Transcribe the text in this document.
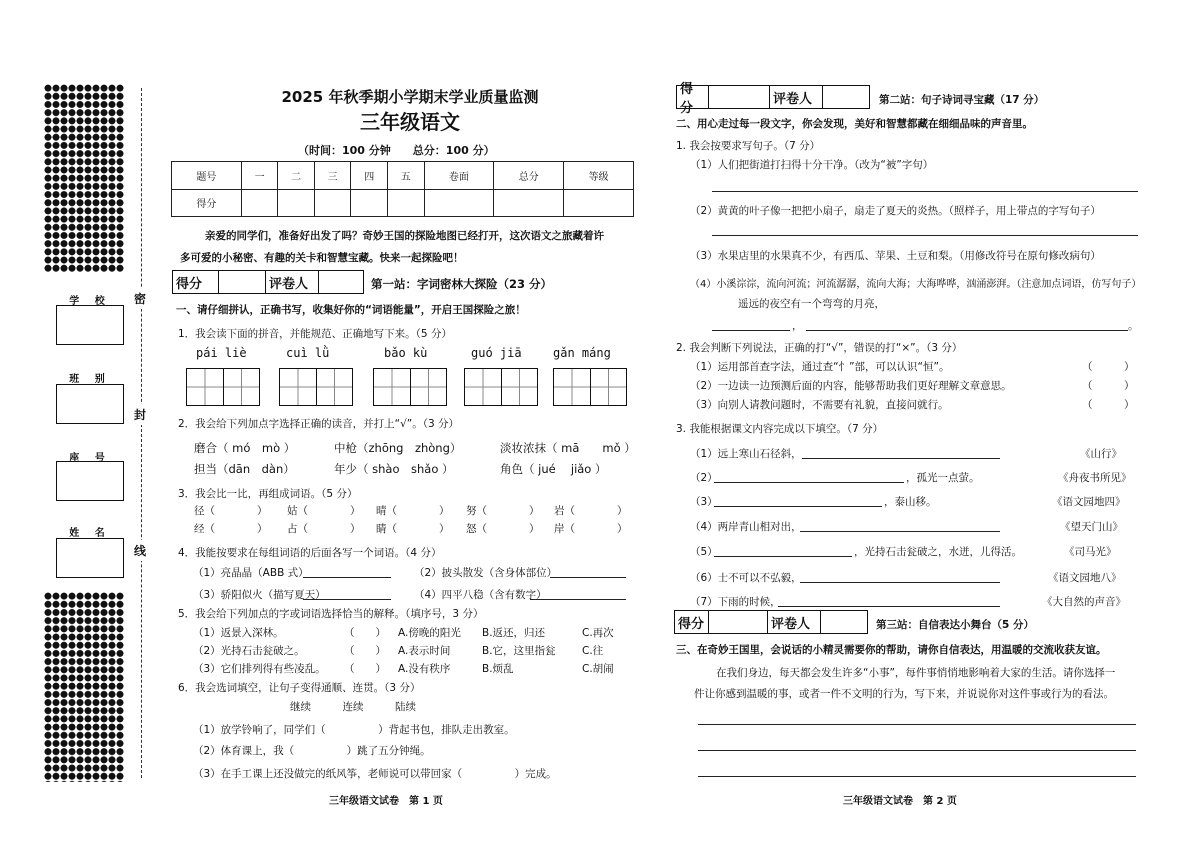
密
封
线
学 校
班 别
座 号
姓 名
2025 年秋季期小学期末学业质量监测
三年级语文
（时间：100 分钟　　总分：100 分）
题号	一	二	三	四	五	卷面	总分	等级
得分								
亲爱的同学们，准备好出发了吗？奇妙王国的探险地图已经打开，这次语文之旅藏着许
多可爱的小秘密、有趣的关卡和智慧宝藏。快来一起探险吧！
得分	评卷人	第一站：字词密林大探险（23 分）
一、请仔细拼认，正确书写，收集好你的“词语能量”，开启王国探险之旅！
1．我会读下面的拼音，并能规范、正确地写下来。（5 分）
pái liè	cuì lǜ	bǎo kù	guó jiā	gǎn máng
2．我会给下列加点字选择正确的读音，并打上“√”。（3 分）
磨合（ mó　mò ）	中枪（zhōng　zhòng）	淡妆浓抹（ mā　　mǒ ）
担当（dān　dàn）	年少（ shào　shǎo ）	角色（ jué　 jiǎo ）
3．我会比一比，再组成词语。（5 分）
径（　　　　） 姑（　　　　） 晴（　　　　） 努（　　　　） 岩（　　　　）
经（　　　　） 占（　　　　） 睛（　　　　） 怒（　　　　） 岸（　　　　）
4．我能按要求在每组词语的后面各写一个词语。（4 分）
（1）亮晶晶（ABB 式）	（2）披头散发（含身体部位）
（3）骄阳似火（描写夏天）	（4）四平八稳（含有数字）
5．我会给下列加点的字或词语选择恰当的解释。（填序号，3 分）
（1）返景入深林。	（　　） A.傍晚的阳光 B.返还，归还	C.再次
（2）光持石击瓮破之。	（　　） A.表示时间	B.它，这里指瓮	C.往
（3）它们排列得有些凌乱。 （　　） A.没有秩序	B.烦乱	C.胡闹
6．我会选词填空，让句子变得通顺、连贯。（3 分）
继续　　　连续　　　陆续
（1）放学铃响了，同学们（　　　　　）背起书包，排队走出教室。
（2）体育课上，我（　　　　　）跳了五分钟绳。
（3）在手工课上还没做完的纸风筝，老师说可以带回家（　　　　　）完成。
三年级语文试卷　第 1 页
得分
评卷人	第二站：句子诗词寻宝藏（17 分）
二、用心走过每一段文字，你会发现，美好和智慧都藏在细细品味的声音里。
1. 我会按要求写句子。（7 分）
（1）人们把街道打扫得十分干净。（改为“被”字句）
（2）黄黄的叶子像一把把小扇子，扇走了夏天的炎热。（照样子，用上带点的字写句子）
（3）水果店里的水果真不少，有西瓜、苹果、土豆和梨。（用修改符号在原句修改病句）
（4）小溪淙淙，流向河流；河流潺潺，流向大海；大海哗哗，汹涌澎湃。（注意加点词语，仿写句子）
遥远的夜空有一个弯弯的月亮，
，	。
2. 我会判断下列说法，正确的打“√”，错误的打“×”。（3 分）
（1）运用部首查字法，通过查“忄”部，可以认识“恒”。	（　　　）
（2）一边读一边预测后面的内容，能够帮助我们更好理解文章意思。	（　　　）
（3）向别人请教问题时，不需要有礼貌，直接问就行。	（　　　）
3. 我能根据课文内容完成以下填空。（7 分）
（1）远上寒山石径斜，	《山行》
（2）	，孤光一点萤。	《舟夜书所见》
（3）	，泰山移。	《语文园地四》
（4）两岸青山相对出，	《望天门山》
（5）	，光持石击瓮破之，水迸，儿得活。	《司马光》
（6）士不可以不弘毅，	《语文园地八》
（7）下雨的时候，	《大自然的声音》
得分	评卷人	第三站：自信表达小舞台（5 分）
三、在奇妙王国里，会说话的小精灵需要你的帮助，请你自信表达，用温暖的交流收获友谊。
在我们身边，每天都会发生许多“小事”，每件事悄悄地影响着大家的生活。请你选择一
件让你感到温暖的事，或者一件不文明的行为，写下来，并说说你对这件事或行为的看法。
三年级语文试卷　第 2 页
